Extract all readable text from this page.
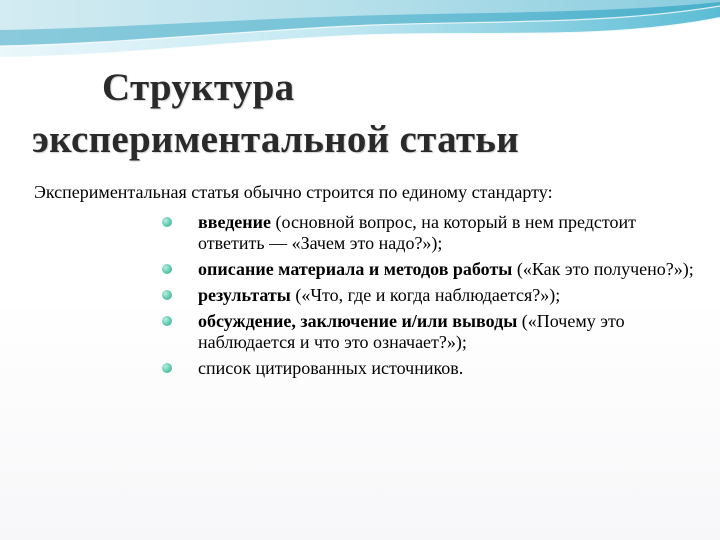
Структура
экспериментальной статьи

Экспериментальная статья обычно строится по единому стандарту:

введение (основной вопрос, на который в нем предстоит ответить — «Зачем это надо?»);
описание материала и методов работы («Как это получено?»);
результаты («Что, где и когда наблюдается?»);
обсуждение, заключение и/или выводы («Почему это наблюдается и что это означает?»);
список цитированных источников.
